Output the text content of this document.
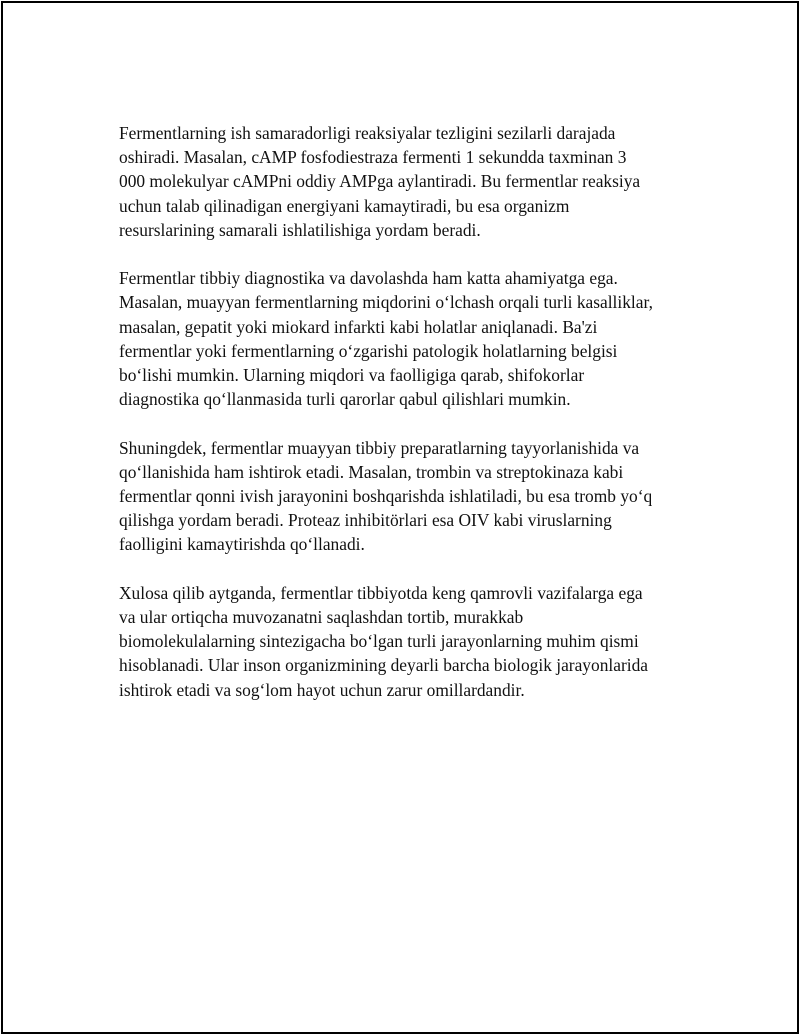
Fermentlarning ish samaradorligi reaksiyalar tezligini sezilarli darajada
oshiradi. Masalan, cAMP fosfodiestraza fermenti 1 sekundda taxminan 3
000 molekulyar cAMPni oddiy AMPga aylantiradi. Bu fermentlar reaksiya
uchun talab qilinadigan energiyani kamaytiradi, bu esa organizm
resurslarining samarali ishlatilishiga yordam beradi.

Fermentlar tibbiy diagnostika va davolashda ham katta ahamiyatga ega.
Masalan, muayyan fermentlarning miqdorini o‘lchash orqali turli kasalliklar,
masalan, gepatit yoki miokard infarkti kabi holatlar aniqlanadi. Ba'zi
fermentlar yoki fermentlarning o‘zgarishi patologik holatlarning belgisi
bo‘lishi mumkin. Ularning miqdori va faolligiga qarab, shifokorlar
diagnostika qo‘llanmasida turli qarorlar qabul qilishlari mumkin.

Shuningdek, fermentlar muayyan tibbiy preparatlarning tayyorlanishida va
qo‘llanishida ham ishtirok etadi. Masalan, trombin va streptokinaza kabi
fermentlar qonni ivish jarayonini boshqarishda ishlatiladi, bu esa tromb yo‘q
qilishga yordam beradi. Proteaz inhibitörlari esa OIV kabi viruslarning
faolligini kamaytirishda qo‘llanadi.

Xulosa qilib aytganda, fermentlar tibbiyotda keng qamrovli vazifalarga ega
va ular ortiqcha muvozanatni saqlashdan tortib, murakkab
biomolekulalarning sintezigacha bo‘lgan turli jarayonlarning muhim qismi
hisoblanadi. Ular inson organizmining deyarli barcha biologik jarayonlarida
ishtirok etadi va sog‘lom hayot uchun zarur omillardandir.
